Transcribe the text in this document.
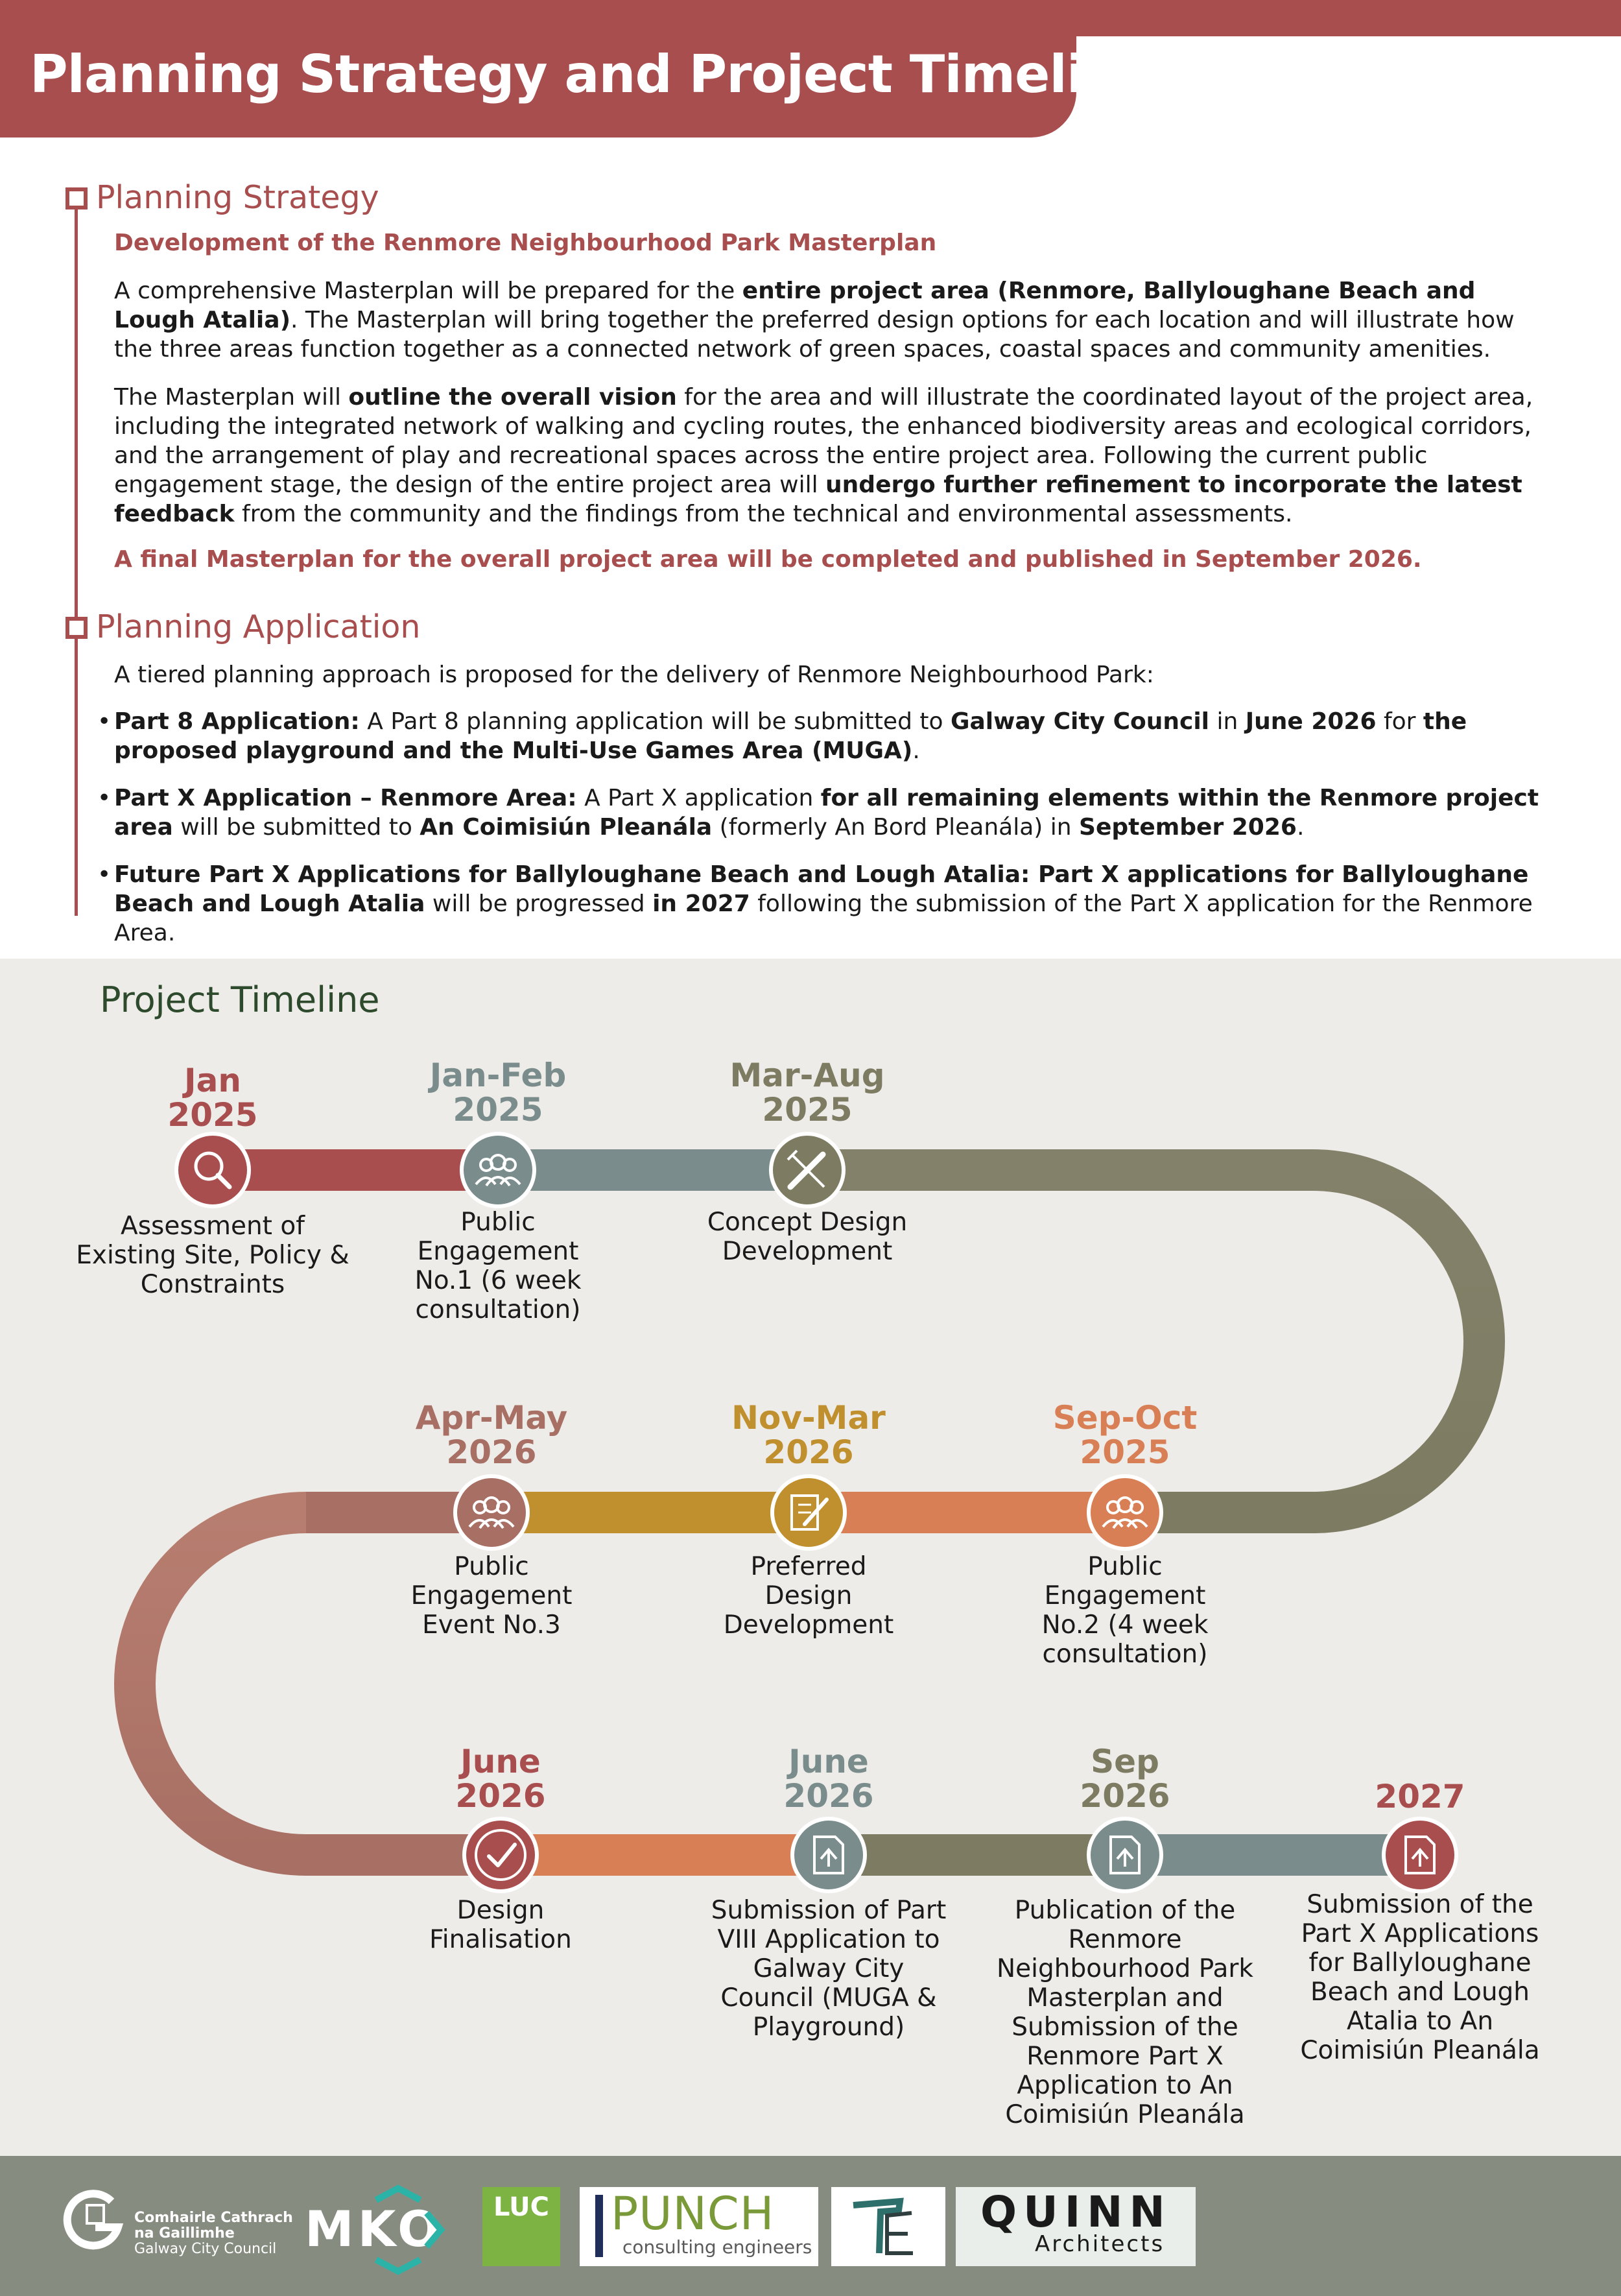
Planning Strategy and Project Timeline
Planning Strategy
Development of the Renmore Neighbourhood Park Masterplan
A comprehensive Masterplan will be prepared for the entire project area (Renmore, Ballyloughane Beach and Lough Atalia). The Masterplan will bring together the preferred design options for each location and will illustrate how the three areas function together as a connected network of green spaces, coastal spaces and community amenities.
The Masterplan will outline the overall vision for the area and will illustrate the coordinated layout of the project area, including the integrated network of walking and cycling routes, the enhanced biodiversity areas and ecological corridors, and the arrangement of play and recreational spaces across the entire project area. Following the current public engagement stage, the design of the entire project area will undergo further refinement to incorporate the latest feedback from the community and the findings from the technical and environmental assessments.
A final Masterplan for the overall project area will be completed and published in September 2026.
Planning Application
A tiered planning approach is proposed for the delivery of Renmore Neighbourhood Park:
• Part 8 Application: A Part 8 planning application will be submitted to Galway City Council in June 2026 for the proposed playground and the Multi-Use Games Area (MUGA).
• Part X Application – Renmore Area: A Part X application for all remaining elements within the Renmore project area will be submitted to An Coimisiún Pleanála (formerly An Bord Pleanála) in September 2026.
• Future Part X Applications for Ballyloughane Beach and Lough Atalia: Part X applications for Ballyloughane Beach and Lough Atalia will be progressed in 2027 following the submission of the Part X application for the Renmore Area.
Project Timeline
Jan
2025
Assessment of Existing Site, Policy & Constraints
Jan-Feb
2025
Public Engagement No.1 (6 week consultation)
Mar-Aug
2025
Concept Design Development
Sep-Oct
2025
Public Engagement No.2 (4 week consultation)
Nov-Mar
2026
Preferred Design Development
Apr-May
2026
Public Engagement Event No.3
June
2026
Design Finalisation
June
2026
Submission of Part VIII Application to Galway City Council (MUGA & Playground)
Sep
2026
Publication of the Renmore Neighbourhood Park Masterplan and Submission of the Renmore Part X Application to An Coimisiún Pleanála
2027
Submission of the Part X Applications for Ballyloughane Beach and Lough Atalia to An Coimisiún Pleanála
Comhairle Cathrach
na Gaillimhe
Galway City Council MKO	LUC PUNCH
consulting engineers
QUINN
Architects
